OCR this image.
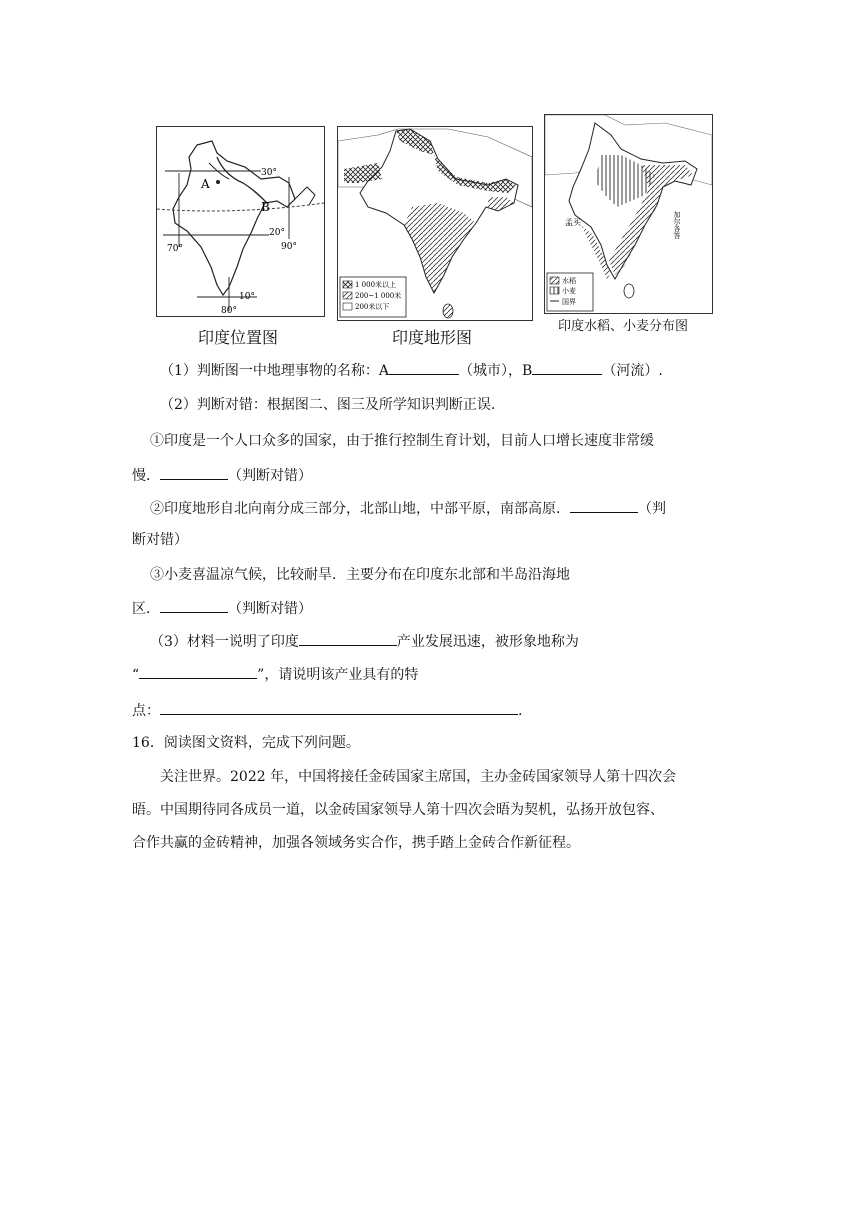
A
B
30°
20°
10°
70°
80°
90°
印度位置图
1 000米以上
200~1 000米
200米以下
印度地形图
孟买	加尔各答
水稻
小麦
国界
印度水稻、小麦分布图
（1）判断图一中地理事物的名称：A	（城市），B	（河流）.
（2）判断对错：根据图二、图三及所学知识判断正误.
①印度是一个人口众多的国家，由于推行控制生育计划，目前人口增长速度非常缓
慢．	（判断对错）
②印度地形自北向南分成三部分，北部山地，中部平原，南部高原．	（判
断对错）
③小麦喜温凉气候，比较耐旱．主要分布在印度东北部和半岛沿海地
区．	（判断对错）
（3）材料一说明了印度	产业发展迅速，被形象地称为
“	”，请说明该产业具有的特
点：	.
16．阅读图文资料，完成下列问题。
关注世界。2022 年，中国将接任金砖国家主席国，主办金砖国家领导人第十四次会
晤。中国期待同各成员一道，以金砖国家领导人第十四次会晤为契机，弘扬开放包容、
合作共赢的金砖精神，加强各领域务实合作，携手踏上金砖合作新征程。
